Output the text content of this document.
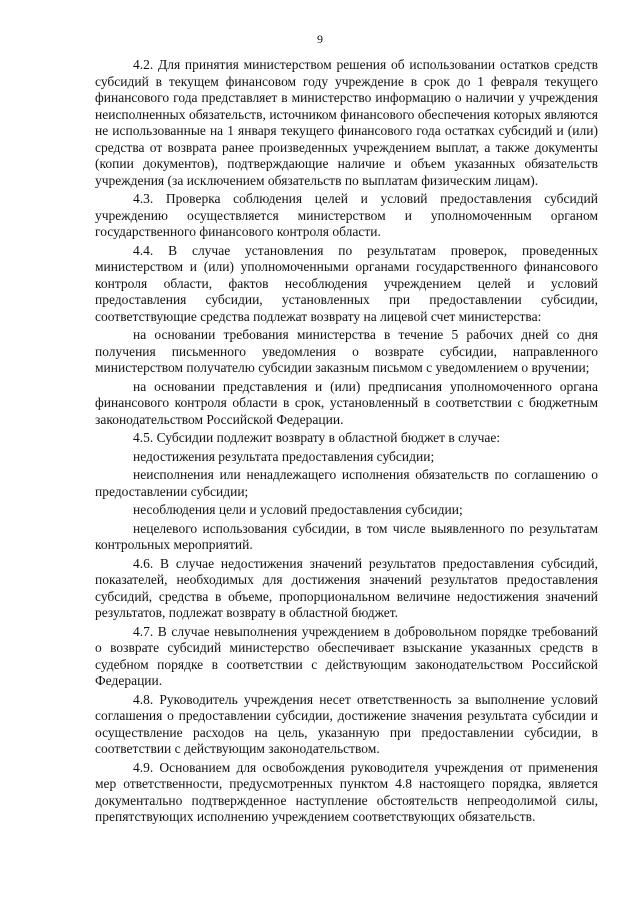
9

4.2. Для принятия министерством решения об использовании остатков средств субсидий в текущем финансовом году учреждение в срок до 1 февраля текущего финансового года представляет в министерство информацию о наличии у учреждения неисполненных обязательств, источником финансового обеспечения которых являются не использованные на 1 января текущего финансового года остатках субсидий и (или) средства от возврата ранее произведенных учреждением выплат, а также документы (копии документов), подтверждающие наличие и объем указанных обязательств учреждения (за исключением обязательств по выплатам физическим лицам).

4.3. Проверка соблюдения целей и условий предоставления субсидий учреждению осуществляется министерством и уполномоченным органом государственного финансового контроля области.

4.4. В случае установления по результатам проверок, проведенных министерством и (или) уполномоченными органами государственного финансового контроля области, фактов несоблюдения учреждением целей и условий предоставления субсидии, установленных при предоставлении субсидии, соответствующие средства подлежат возврату на лицевой счет министерства:

на основании требования министерства в течение 5 рабочих дней со дня получения письменного уведомления о возврате субсидии, направленного министерством получателю субсидии заказным письмом с уведомлением о вручении;

на основании представления и (или) предписания уполномоченного органа финансового контроля области в срок, установленный в соответствии с бюджетным законодательством Российской Федерации.

4.5. Субсидии подлежит возврату в областной бюджет в случае:

недостижения результата предоставления субсидии;

неисполнения или ненадлежащего исполнения обязательств по соглашению о предоставлении субсидии;

несоблюдения цели и условий предоставления субсидии;

нецелевого использования субсидии, в том числе выявленного по результатам контрольных мероприятий.

4.6. В случае недостижения значений результатов предоставления субсидий, показателей, необходимых для достижения значений результатов предоставления субсидий, средства в объеме, пропорциональном величине недостижения значений результатов, подлежат возврату в областной бюджет.

4.7. В случае невыполнения учреждением в добровольном порядке требований о возврате субсидий министерство обеспечивает взыскание указанных средств в судебном порядке в соответствии с действующим законодательством Российской Федерации.

4.8. Руководитель учреждения несет ответственность за выполнение условий соглашения о предоставлении субсидии, достижение значения результата субсидии и осуществление расходов на цель, указанную при предоставлении субсидии, в соответствии с действующим законодательством.

4.9. Основанием для освобождения руководителя учреждения от применения мер ответственности, предусмотренных пунктом 4.8 настоящего порядка, является документально подтвержденное наступление обстоятельств непреодолимой силы, препятствующих исполнению учреждением соответствующих обязательств.
